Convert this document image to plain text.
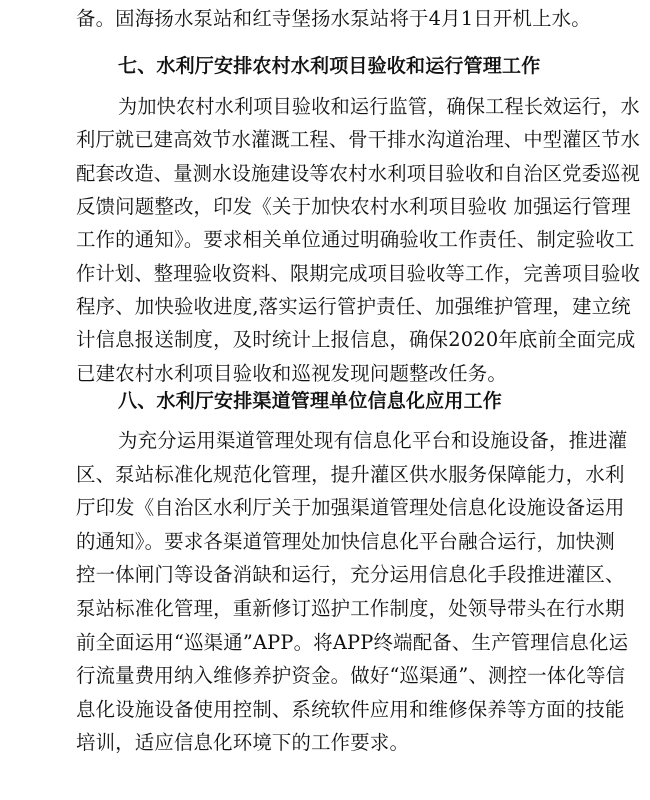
备。固海扬水泵站和红寺堡扬水泵站将于4月1日开机上水。
七、水利厅安排农村水利项目验收和运行管理工作
为加快农村水利项目验收和运行监管，确保工程长效运行，水
利厅就已建高效节水灌溉工程、骨干排水沟道治理、中型灌区节水
配套改造、量测水设施建设等农村水利项目验收和自治区党委巡视
反馈问题整改，印发《关于加快农村水利项目验收 加强运行管理
工作的通知》。要求相关单位通过明确验收工作责任、制定验收工
作计划、整理验收资料、限期完成项目验收等工作，完善项目验收
程序、加快验收进度,落实运行管护责任、加强维护管理，建立统
计信息报送制度，及时统计上报信息，确保2020年底前全面完成
已建农村水利项目验收和巡视发现问题整改任务。
八、水利厅安排渠道管理单位信息化应用工作
为充分运用渠道管理处现有信息化平台和设施设备，推进灌
区、泵站标准化规范化管理，提升灌区供水服务保障能力，水利
厅印发《自治区水利厅关于加强渠道管理处信息化设施设备运用
的通知》。要求各渠道管理处加快信息化平台融合运行，加快测
控一体闸门等设备消缺和运行，充分运用信息化手段推进灌区、
泵站标准化管理，重新修订巡护工作制度，处领导带头在行水期
前全面运用“巡渠通”APP。将APP终端配备、生产管理信息化运
行流量费用纳入维修养护资金。做好“巡渠通”、测控一体化等信
息化设施设备使用控制、系统软件应用和维修保养等方面的技能
培训，适应信息化环境下的工作要求。
